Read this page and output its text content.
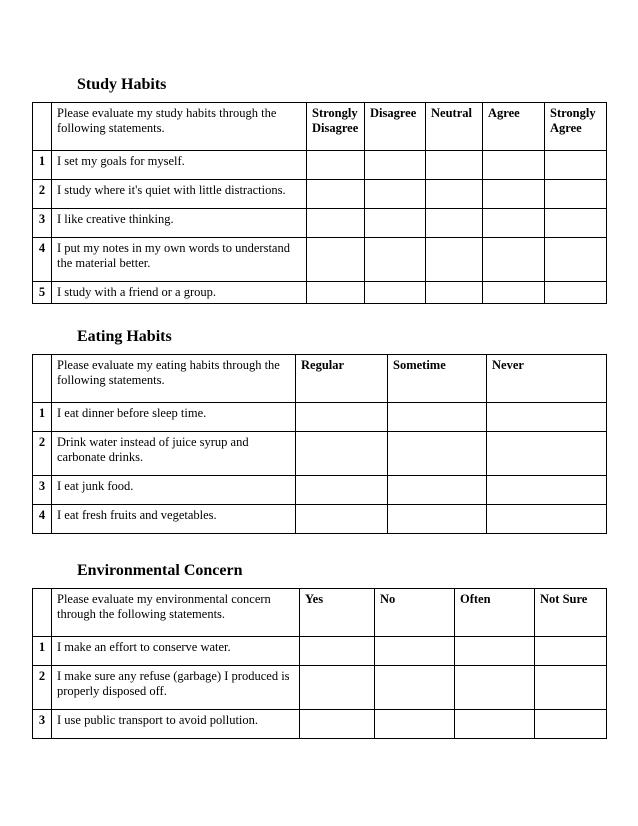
Study Habits
	Please evaluate my study habits through the following statements.	Strongly Disagree	Disagree	Neutral	Agree	Strongly Agree
1	I set my goals for myself.					
2	I study where it's quiet with little distractions.					
3	I like creative thinking.					
4	I put my notes in my own words to understand the material better.					
5	I study with a friend or a group.					
Eating Habits
	Please evaluate my eating habits through the following statements.	Regular	Sometime	Never
1	I eat dinner before sleep time.			
2	Drink water instead of juice syrup and carbonate drinks.			
3	I eat junk food.			
4	I eat fresh fruits and vegetables.			
Environmental Concern
	Please evaluate my environmental concern through the following statements.	Yes	No	Often	Not Sure
1	I make an effort to conserve water.				
2	I make sure any refuse (garbage) I produced is properly disposed off.				
3	I use public transport to avoid pollution.				
